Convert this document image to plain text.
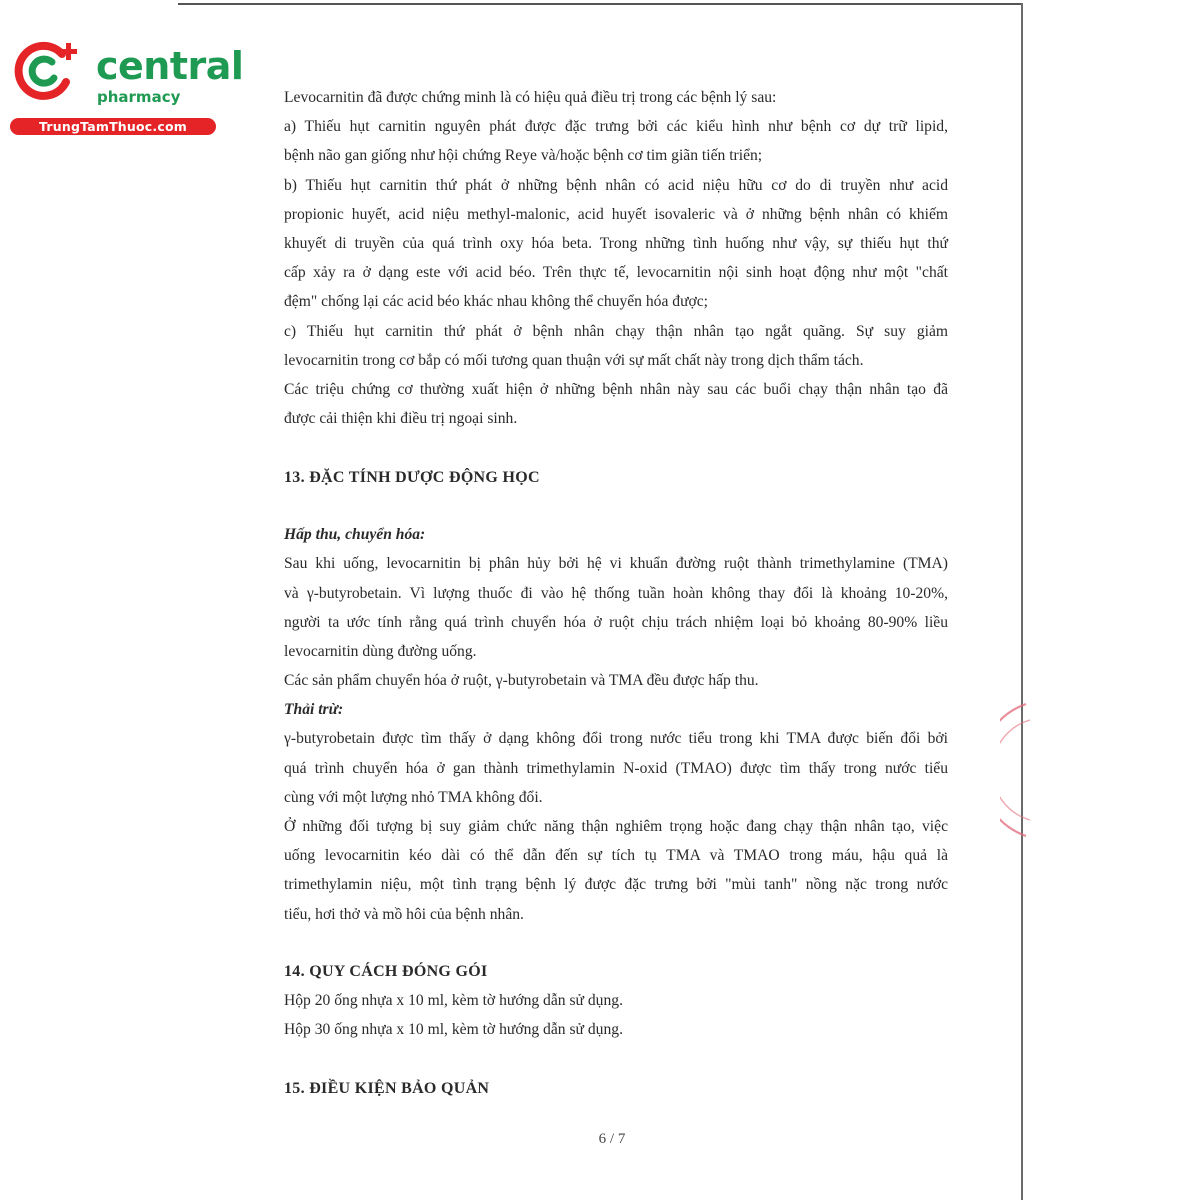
central
pharmacy
TrungTamThuoc.com

Levocarnitin đã được chứng minh là có hiệu quả điều trị trong các bệnh lý sau:

a) Thiếu hụt carnitin nguyên phát được đặc trưng bởi các kiểu hình như bệnh cơ dự trữ lipid,

bệnh não gan giống như hội chứng Reye và/hoặc bệnh cơ tim giãn tiến triển;

b) Thiếu hụt carnitin thứ phát ở những bệnh nhân có acid niệu hữu cơ do di truyền như acid

propionic huyết, acid niệu methyl-malonic, acid huyết isovaleric và ở những bệnh nhân có khiếm

khuyết di truyền của quá trình oxy hóa beta. Trong những tình huống như vậy, sự thiếu hụt thứ

cấp xảy ra ở dạng este với acid béo. Trên thực tế, levocarnitin nội sinh hoạt động như một "chất

đệm" chống lại các acid béo khác nhau không thể chuyển hóa được;

c) Thiếu hụt carnitin thứ phát ở bệnh nhân chạy thận nhân tạo ngắt quãng. Sự suy giảm

levocarnitin trong cơ bắp có mối tương quan thuận với sự mất chất này trong dịch thẩm tách.

Các triệu chứng cơ thường xuất hiện ở những bệnh nhân này sau các buổi chạy thận nhân tạo đã

được cải thiện khi điều trị ngoại sinh.

13. ĐẶC TÍNH DƯỢC ĐỘNG HỌC

Hấp thu, chuyển hóa:

Sau khi uống, levocarnitin bị phân hủy bởi hệ vi khuẩn đường ruột thành trimethylamine (TMA)

và γ-butyrobetain. Vì lượng thuốc đi vào hệ thống tuần hoàn không thay đổi là khoảng 10-20%,

người ta ước tính rằng quá trình chuyển hóa ở ruột chịu trách nhiệm loại bỏ khoảng 80-90% liều

levocarnitin dùng đường uống.

Các sản phẩm chuyển hóa ở ruột, γ-butyrobetain và TMA đều được hấp thu.

Thải trừ:

γ-butyrobetain được tìm thấy ở dạng không đổi trong nước tiểu trong khi TMA được biến đổi bởi

quá trình chuyển hóa ở gan thành trimethylamin N-oxid (TMAO) được tìm thấy trong nước tiểu

cùng với một lượng nhỏ TMA không đổi.

Ở những đối tượng bị suy giảm chức năng thận nghiêm trọng hoặc đang chạy thận nhân tạo, việc

uống levocarnitin kéo dài có thể dẫn đến sự tích tụ TMA và TMAO trong máu, hậu quả là

trimethylamin niệu, một tình trạng bệnh lý được đặc trưng bởi "mùi tanh" nồng nặc trong nước

tiểu, hơi thở và mồ hôi của bệnh nhân.

14. QUY CÁCH ĐÓNG GÓI

Hộp 20 ống nhựa x 10 ml, kèm tờ hướng dẫn sử dụng.

Hộp 30 ống nhựa x 10 ml, kèm tờ hướng dẫn sử dụng.

15. ĐIỀU KIỆN BẢO QUẢN

6 / 7
